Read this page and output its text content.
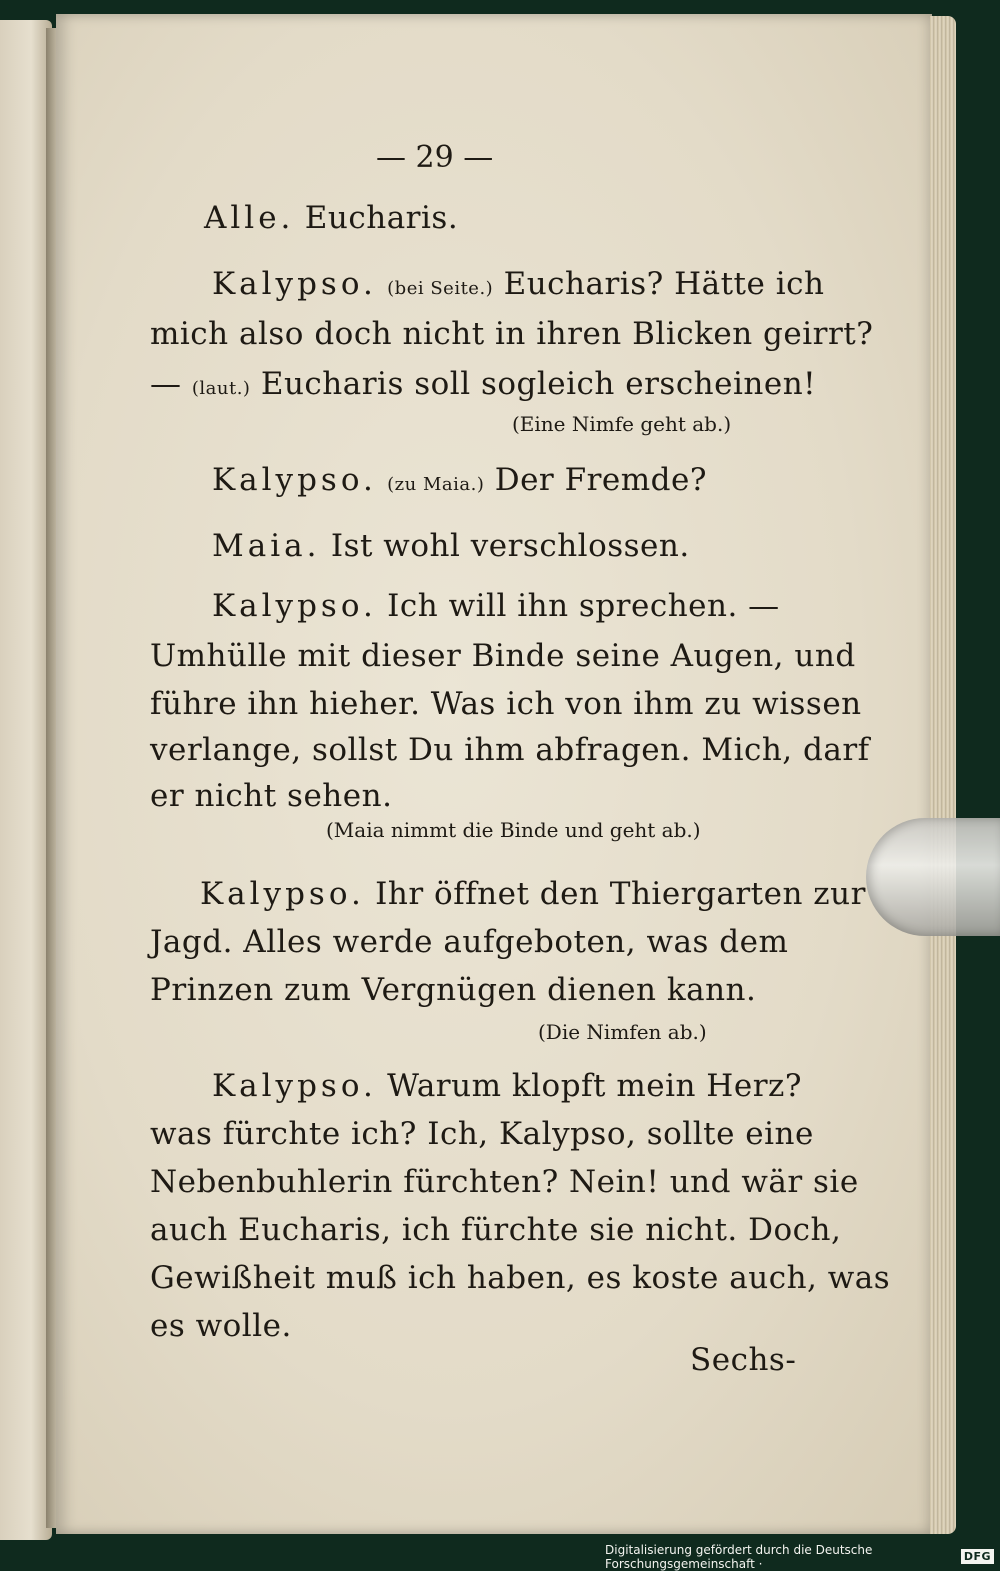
— 29 —
Alle. Eucharis.
Kalypso. (bei Seite.) Eucharis? Hätte ich
mich also doch nicht in ihren Blicken geirrt?
— (laut.) Eucharis soll sogleich erscheinen!
(Eine Nimfe geht ab.)
Kalypso. (zu Maia.) Der Fremde?
Maia. Ist wohl verschlossen.
Kalypso. Ich will ihn sprechen. —
Umhülle mit dieser Binde seine Augen, und
führe ihn hieher. Was ich von ihm zu wissen
verlange, sollst Du ihm abfragen. Mich, darf
er nicht sehen.
(Maia nimmt die Binde und geht ab.)
Kalypso. Ihr öffnet den Thiergarten zur
Jagd. Alles werde aufgeboten, was dem
Prinzen zum Vergnügen dienen kann.
(Die Nimfen ab.)
Kalypso. Warum klopft mein Herz?
was fürchte ich? Ich, Kalypso, sollte eine
Nebenbuhlerin fürchten? Nein! und wär sie
auch Eucharis, ich fürchte sie nicht. Doch,
Gewißheit muß ich haben, es koste auch, was
es wolle.
Sechs-
Digitalisierung gefördert durch die Deutsche Forschungsgemeinschaft ·	DFG
